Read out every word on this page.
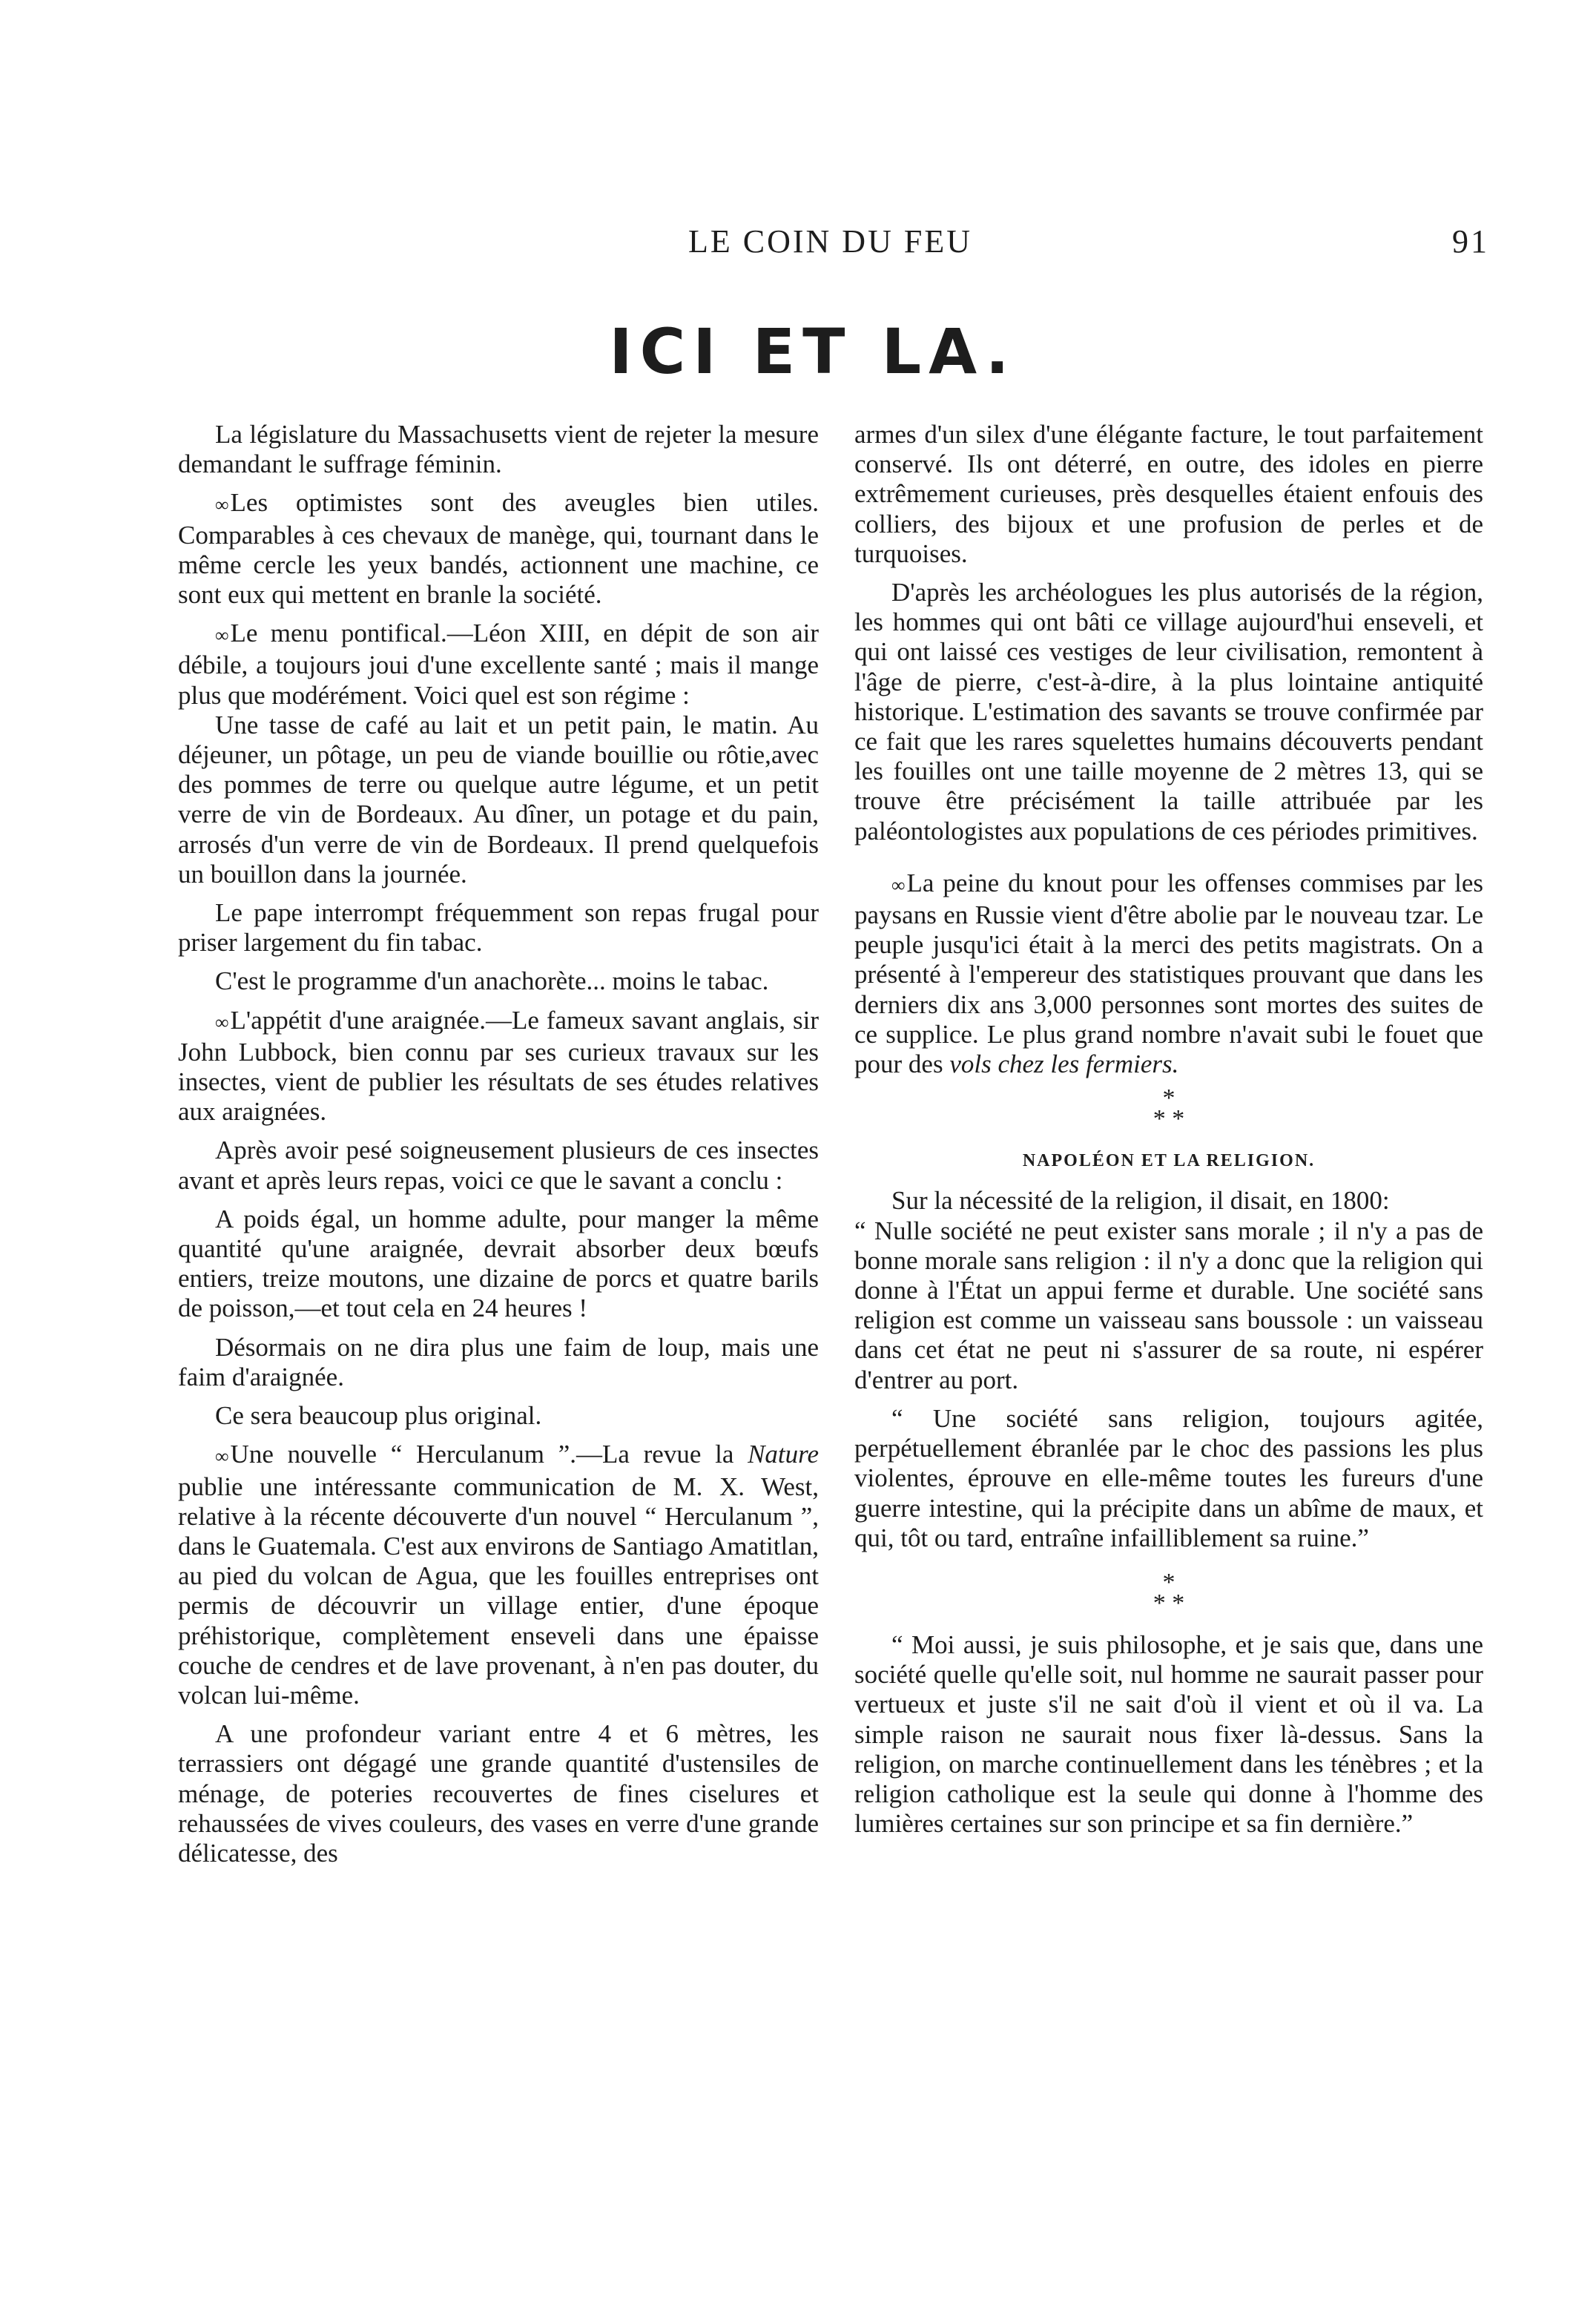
LE COIN DU FEU	91
ICI ET LA.

La législature du Massachusetts vient de rejeter la mesure demandant le suffrage féminin.

∞ Les optimistes sont des aveugles bien utiles. Comparables à ces chevaux de manège, qui, tournant dans le même cercle les yeux bandés, actionnent une machine, ce sont eux qui mettent en branle la société.

∞ Le menu pontifical.—Léon XIII, en dépit de son air débile, a toujours joui d'une excellente santé ; mais il mange plus que modérément. Voici quel est son régime :

Une tasse de café au lait et un petit pain, le matin. Au déjeuner, un pôtage, un peu de viande bouillie ou rôtie,avec des pommes de terre ou quelque autre légume, et un petit verre de vin de Bordeaux. Au dîner, un potage et du pain, arrosés d'un verre de vin de Bordeaux. Il prend quelquefois un bouillon dans la journée.

Le pape interrompt fréquemment son repas frugal pour priser largement du fin tabac.

C'est le programme d'un anachorète... moins le tabac.

∞ L'appétit d'une araignée.—Le fameux savant anglais, sir John Lubbock, bien connu par ses curieux travaux sur les insectes, vient de publier les résultats de ses études relatives aux araignées.

Après avoir pesé soigneusement plusieurs de ces insectes avant et après leurs repas, voici ce que le savant a conclu :

A poids égal, un homme adulte, pour manger la même quantité qu'une araignée, devrait absorber deux bœufs entiers, treize moutons, une dizaine de porcs et quatre barils de poisson,—et tout cela en 24 heures !

Désormais on ne dira plus une faim de loup, mais une faim d'araignée.

Ce sera beaucoup plus original.

∞ Une nouvelle “ Herculanum ”.—La revue la Nature publie une intéressante communication de M. X. West, relative à la récente découverte d'un nouvel “ Herculanum ”, dans le Guatemala. C'est aux environs de Santiago Amatitlan, au pied du volcan de Agua, que les fouilles entreprises ont permis de découvrir un village entier, d'une époque préhistorique, complètement enseveli dans une épaisse couche de cendres et de lave provenant, à n'en pas douter, du volcan lui-même.

A une profondeur variant entre 4 et 6 mètres, les terrassiers ont dégagé une grande quantité d'ustensiles de ménage, de poteries recouvertes de fines ciselures et rehaussées de vives couleurs, des vases en verre d'une grande délicatesse, des

armes d'un silex d'une élégante facture, le tout parfaitement conservé. Ils ont déterré, en outre, des idoles en pierre extrêmement curieuses, près desquelles étaient enfouis des colliers, des bijoux et une profusion de perles et de turquoises.

D'après les archéologues les plus autorisés de la région, les hommes qui ont bâti ce village aujourd'hui enseveli, et qui ont laissé ces vestiges de leur civilisation, remontent à l'âge de pierre, c'est-à-dire, à la plus lointaine antiquité historique. L'estimation des savants se trouve confirmée par ce fait que les rares squelettes humains découverts pendant les fouilles ont une taille moyenne de 2 mètres 13, qui se trouve être précisément la taille attribuée par les paléontologistes aux populations de ces périodes primitives.

∞ La peine du knout pour les offenses commises par les paysans en Russie vient d'être abolie par le nouveau tzar. Le peuple jusqu'ici était à la merci des petits magistrats. On a présenté à l'empereur des statistiques prouvant que dans les derniers dix ans 3,000 personnes sont mortes des suites de ce supplice. Le plus grand nombre n'avait subi le fouet que pour des vols chez les fermiers.

*
* *
NAPOLÉON ET LA RELIGION.

Sur la nécessité de la religion, il disait, en 1800:

“ Nulle société ne peut exister sans morale ; il n'y a pas de bonne morale sans religion : il n'y a donc que la religion qui donne à l'État un appui ferme et durable. Une société sans religion est comme un vaisseau sans boussole : un vaisseau dans cet état ne peut ni s'assurer de sa route, ni espérer d'entrer au port.

“ Une société sans religion, toujours agitée, perpétuellement ébranlée par le choc des passions les plus violentes, éprouve en elle-même toutes les fureurs d'une guerre intestine, qui la précipite dans un abîme de maux, et qui, tôt ou tard, entraîne infailliblement sa ruine.”

*
* *

“ Moi aussi, je suis philosophe, et je sais que, dans une société quelle qu'elle soit, nul homme ne saurait passer pour vertueux et juste s'il ne sait d'où il vient et où il va. La simple raison ne saurait nous fixer là-dessus. Sans la religion, on marche continuellement dans les ténèbres ; et la religion catholique est la seule qui donne à l'homme des lumières certaines sur son principe et sa fin dernière.”
